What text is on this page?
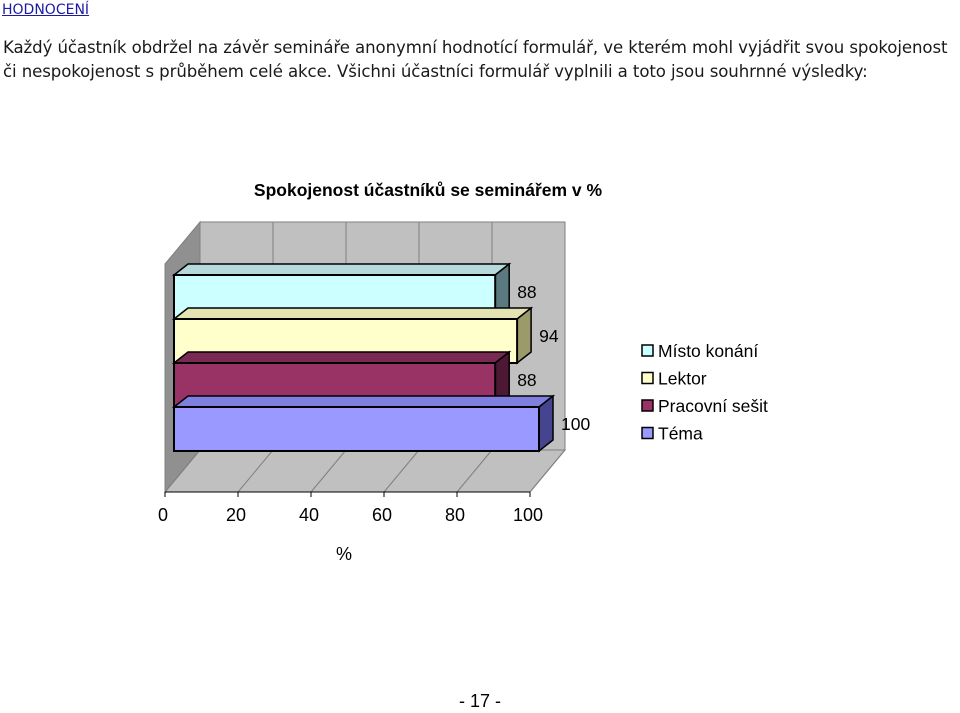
HODNOCENÍ
Každý účastník obdržel na závěr semináře anonymní hodnotící formulář, ve kterém mohl vyjádřit svou spokojenost či nespokojenost s průběhem celé akce. Všichni účastníci formulář vyplnili a toto jsou souhrnné výsledky:
88
94
88
100
0	20	40	60	80	100
Místo konání
Lektor
Pracovní sešit
Téma
Spokojenost účastníků se seminářem v %
%
- 17 -
